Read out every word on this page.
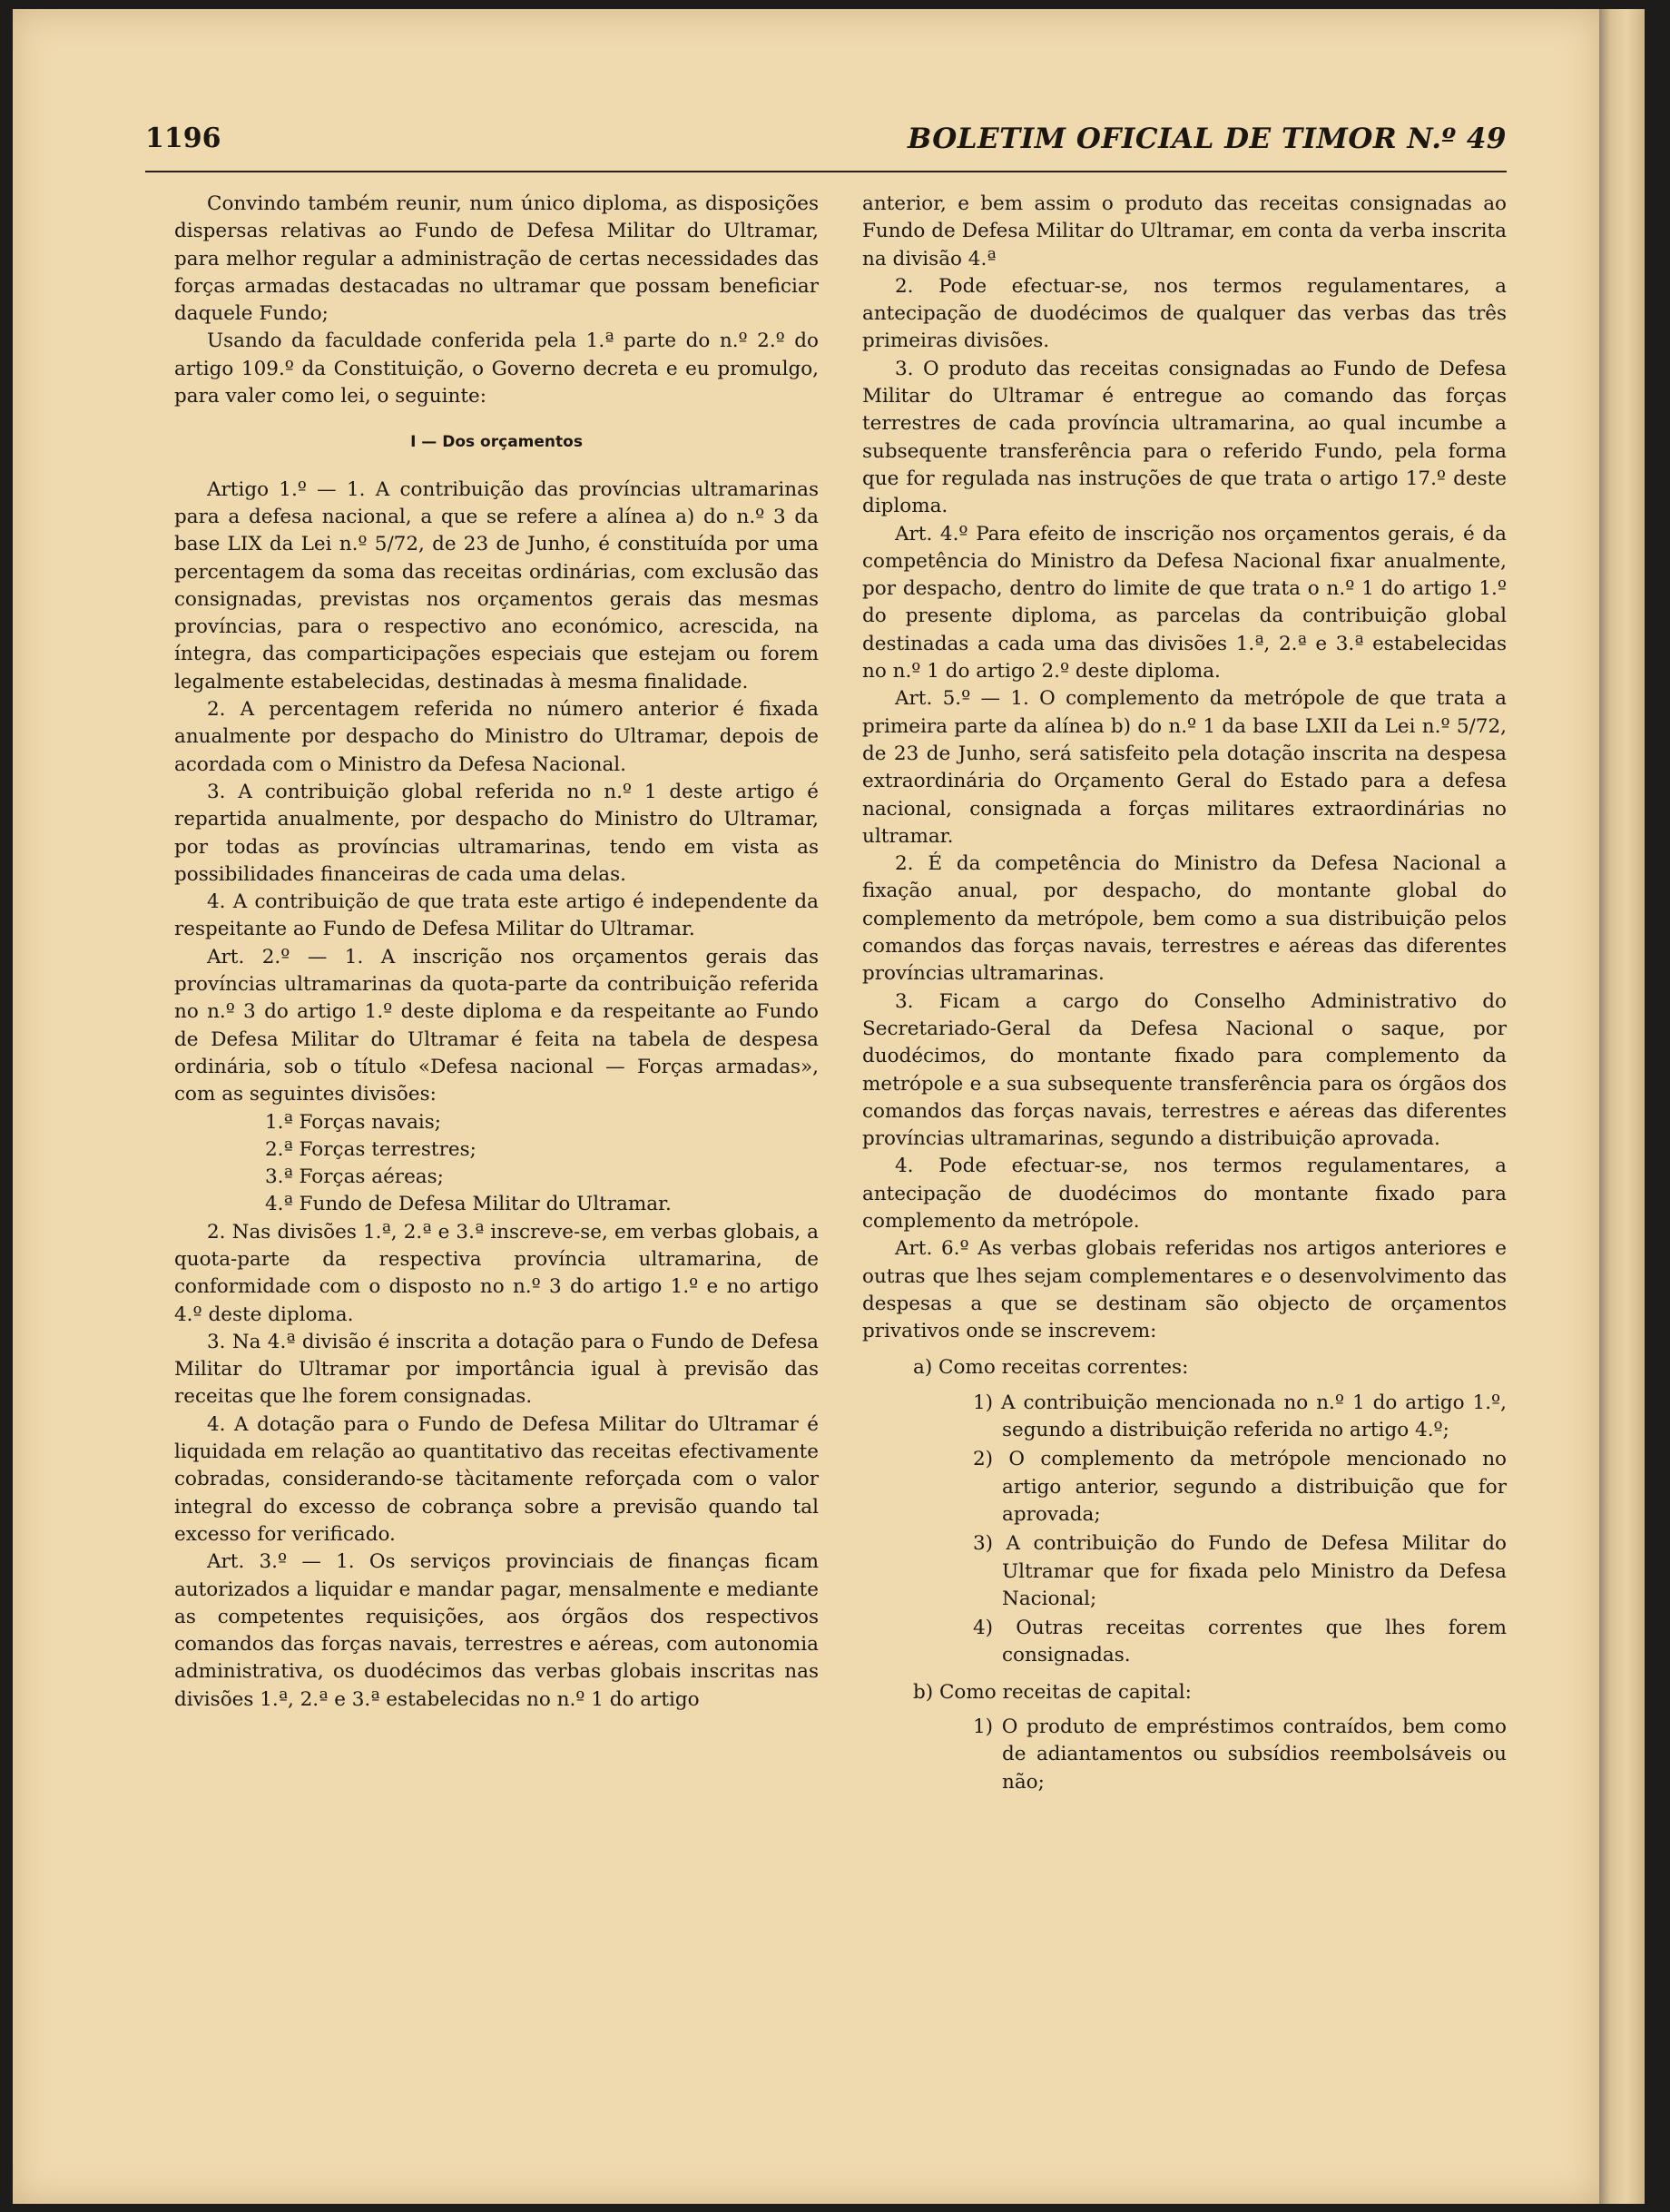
1196	BOLETIM OFICIAL DE TIMOR N.º 49

Convindo também reunir, num único diploma, as disposições dispersas relativas ao Fundo de Defesa Militar do Ultramar, para melhor regular a administração de certas necessidades das forças armadas destacadas no ultramar que possam beneficiar daquele Fundo;

Usando da faculdade conferida pela 1.ª parte do n.º 2.º do artigo 109.º da Constituição, o Governo decreta e eu promulgo, para valer como lei, o seguinte:

I — Dos orçamentos

Artigo 1.º — 1. A contribuição das províncias ultramarinas para a defesa nacional, a que se refere a alínea a) do n.º 3 da base LIX da Lei n.º 5/72, de 23 de Junho, é constituída por uma percentagem da soma das receitas ordinárias, com exclusão das consignadas, previstas nos orçamentos gerais das mesmas províncias, para o respectivo ano económico, acrescida, na íntegra, das comparticipações especiais que estejam ou forem legalmente estabelecidas, destinadas à mesma finalidade.

2. A percentagem referida no número anterior é fixada anualmente por despacho do Ministro do Ultramar, depois de acordada com o Ministro da Defesa Nacional.

3. A contribuição global referida no n.º 1 deste artigo é repartida anualmente, por despacho do Ministro do Ultramar, por todas as províncias ultramarinas, tendo em vista as possibilidades financeiras de cada uma delas.

4. A contribuição de que trata este artigo é independente da respeitante ao Fundo de Defesa Militar do Ultramar.

Art. 2.º — 1. A inscrição nos orçamentos gerais das províncias ultramarinas da quota-parte da contribuição referida no n.º 3 do artigo 1.º deste diploma e da respeitante ao Fundo de Defesa Militar do Ultramar é feita na tabela de despesa ordinária, sob o título «Defesa nacional — Forças armadas», com as seguintes divisões:

1.ª Forças navais;
2.ª Forças terrestres;
3.ª Forças aéreas;
4.ª Fundo de Defesa Militar do Ultramar.

2. Nas divisões 1.ª, 2.ª e 3.ª inscreve-se, em verbas globais, a quota-parte da respectiva província ultramarina, de conformidade com o disposto no n.º 3 do artigo 1.º e no artigo 4.º deste diploma.

3. Na 4.ª divisão é inscrita a dotação para o Fundo de Defesa Militar do Ultramar por importância igual à previsão das receitas que lhe forem consignadas.

4. A dotação para o Fundo de Defesa Militar do Ultramar é liquidada em relação ao quantitativo das receitas efectivamente cobradas, considerando-se tàcitamente reforçada com o valor integral do excesso de cobrança sobre a previsão quando tal excesso for verificado.

Art. 3.º — 1. Os serviços provinciais de finanças ficam autorizados a liquidar e mandar pagar, mensalmente e mediante as competentes requisições, aos órgãos dos respectivos comandos das forças navais, terrestres e aéreas, com autonomia administrativa, os duodécimos das verbas globais inscritas nas divisões 1.ª, 2.ª e 3.ª estabelecidas no n.º 1 do artigo

anterior, e bem assim o produto das receitas consignadas ao Fundo de Defesa Militar do Ultramar, em conta da verba inscrita na divisão 4.ª

2. Pode efectuar-se, nos termos regulamentares, a antecipação de duodécimos de qualquer das verbas das três primeiras divisões.

3. O produto das receitas consignadas ao Fundo de Defesa Militar do Ultramar é entregue ao comando das forças terrestres de cada província ultramarina, ao qual incumbe a subsequente transferência para o referido Fundo, pela forma que for regulada nas instruções de que trata o artigo 17.º deste diploma.

Art. 4.º Para efeito de inscrição nos orçamentos gerais, é da competência do Ministro da Defesa Nacional fixar anualmente, por despacho, dentro do limite de que trata o n.º 1 do artigo 1.º do presente diploma, as parcelas da contribuição global destinadas a cada uma das divisões 1.ª, 2.ª e 3.ª estabelecidas no n.º 1 do artigo 2.º deste diploma.

Art. 5.º — 1. O complemento da metrópole de que trata a primeira parte da alínea b) do n.º 1 da base LXII da Lei n.º 5/72, de 23 de Junho, será satisfeito pela dotação inscrita na despesa extraordinária do Orçamento Geral do Estado para a defesa nacional, consignada a forças militares extraordinárias no ultramar.

2. É da competência do Ministro da Defesa Nacional a fixação anual, por despacho, do montante global do complemento da metrópole, bem como a sua distribuição pelos comandos das forças navais, terrestres e aéreas das diferentes províncias ultramarinas.

3. Ficam a cargo do Conselho Administrativo do Secretariado-Geral da Defesa Nacional o saque, por duodécimos, do montante fixado para complemento da metrópole e a sua subsequente transferência para os órgãos dos comandos das forças navais, terrestres e aéreas das diferentes províncias ultramarinas, segundo a distribuição aprovada.

4. Pode efectuar-se, nos termos regulamentares, a antecipação de duodécimos do montante fixado para complemento da metrópole.

Art. 6.º As verbas globais referidas nos artigos anteriores e outras que lhes sejam complementares e o desenvolvimento das despesas a que se destinam são objecto de orçamentos privativos onde se inscrevem:

a) Como receitas correntes:
1) A contribuição mencionada no n.º 1 do artigo 1.º, segundo a distribuição referida no artigo 4.º;
2) O complemento da metrópole mencionado no artigo anterior, segundo a distribuição que for aprovada;
3) A contribuição do Fundo de Defesa Militar do Ultramar que for fixada pelo Ministro da Defesa Nacional;
4) Outras receitas correntes que lhes forem consignadas.
b) Como receitas de capital:
1) O produto de empréstimos contraídos, bem como de adiantamentos ou subsídios reembolsáveis ou não;
